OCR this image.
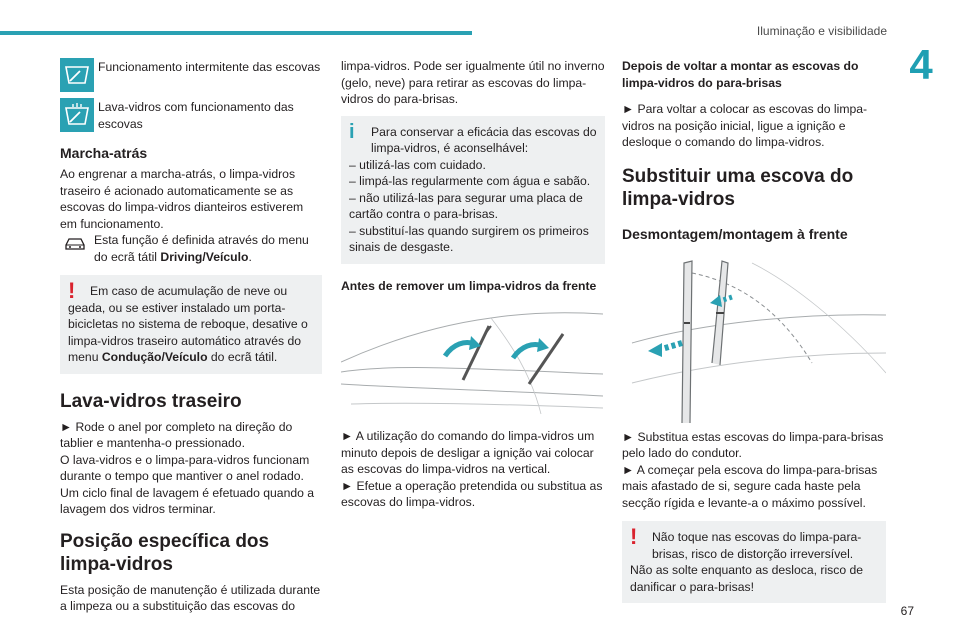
Iluminação e visibilidade
4
67
Funcionamento intermitente das escovas
Lava-vidros com funcionamento das escovas
Marcha-atrás

Ao engrenar a marcha-atrás, o limpa-vidros traseiro é acionado automaticamente se as escovas do limpa-vidros dianteiros estiverem em funcionamento.

Esta função é definida através do menu do ecrã tátil Driving/Veículo.

!	Em caso de acumulação de neve ou geada, ou se estiver instalado um porta-bicicletas no sistema de reboque, desative o limpa-vidros traseiro automático através do menu Condução/Veículo do ecrã tátil.

Lava-vidros traseiro

► Rode o anel por completo na direção do tablier e mantenha-o pressionado.

O lava-vidros e o limpa-para-vidros funcionam durante o tempo que mantiver o anel rodado.

Um ciclo final de lavagem é efetuado quando a lavagem dos vidros terminar.

Posição específica dos limpa-vidros

Esta posição de manutenção é utilizada durante a limpeza ou a substituição das escovas do

limpa-vidros. Pode ser igualmente útil no inverno (gelo, neve) para retirar as escovas do limpa-vidros do para-brisas.

i	Para conservar a eficácia das escovas do limpa-vidros, é aconselhável:

– utilizá-las com cuidado.

– limpá-las regularmente com água e sabão.

– não utilizá-las para segurar uma placa de cartão contra o para-brisas.

– substituí-las quando surgirem os primeiros sinais de desgaste.

Antes de remover um limpa-vidros da frente

► A utilização do comando do limpa-vidros um minuto depois de desligar a ignição vai colocar as escovas do limpa-vidros na vertical.

► Efetue a operação pretendida ou substitua as escovas do limpa-vidros.

Depois de voltar a montar as escovas do limpa-vidros do para-brisas

► Para voltar a colocar as escovas do limpa-vidros na posição inicial, ligue a ignição e desloque o comando do limpa-vidros.

Substituir uma escova do limpa-vidros
Desmontagem/montagem à frente

► Substitua estas escovas do limpa-para-brisas pelo lado do condutor.

► A começar pela escova do limpa-para-brisas mais afastado de si, segure cada haste pela secção rígida e levante-a o máximo possível.

!	Não toque nas escovas do limpa-para-brisas, risco de distorção irreversível.

Não as solte enquanto as desloca, risco de danificar o para-brisas!
